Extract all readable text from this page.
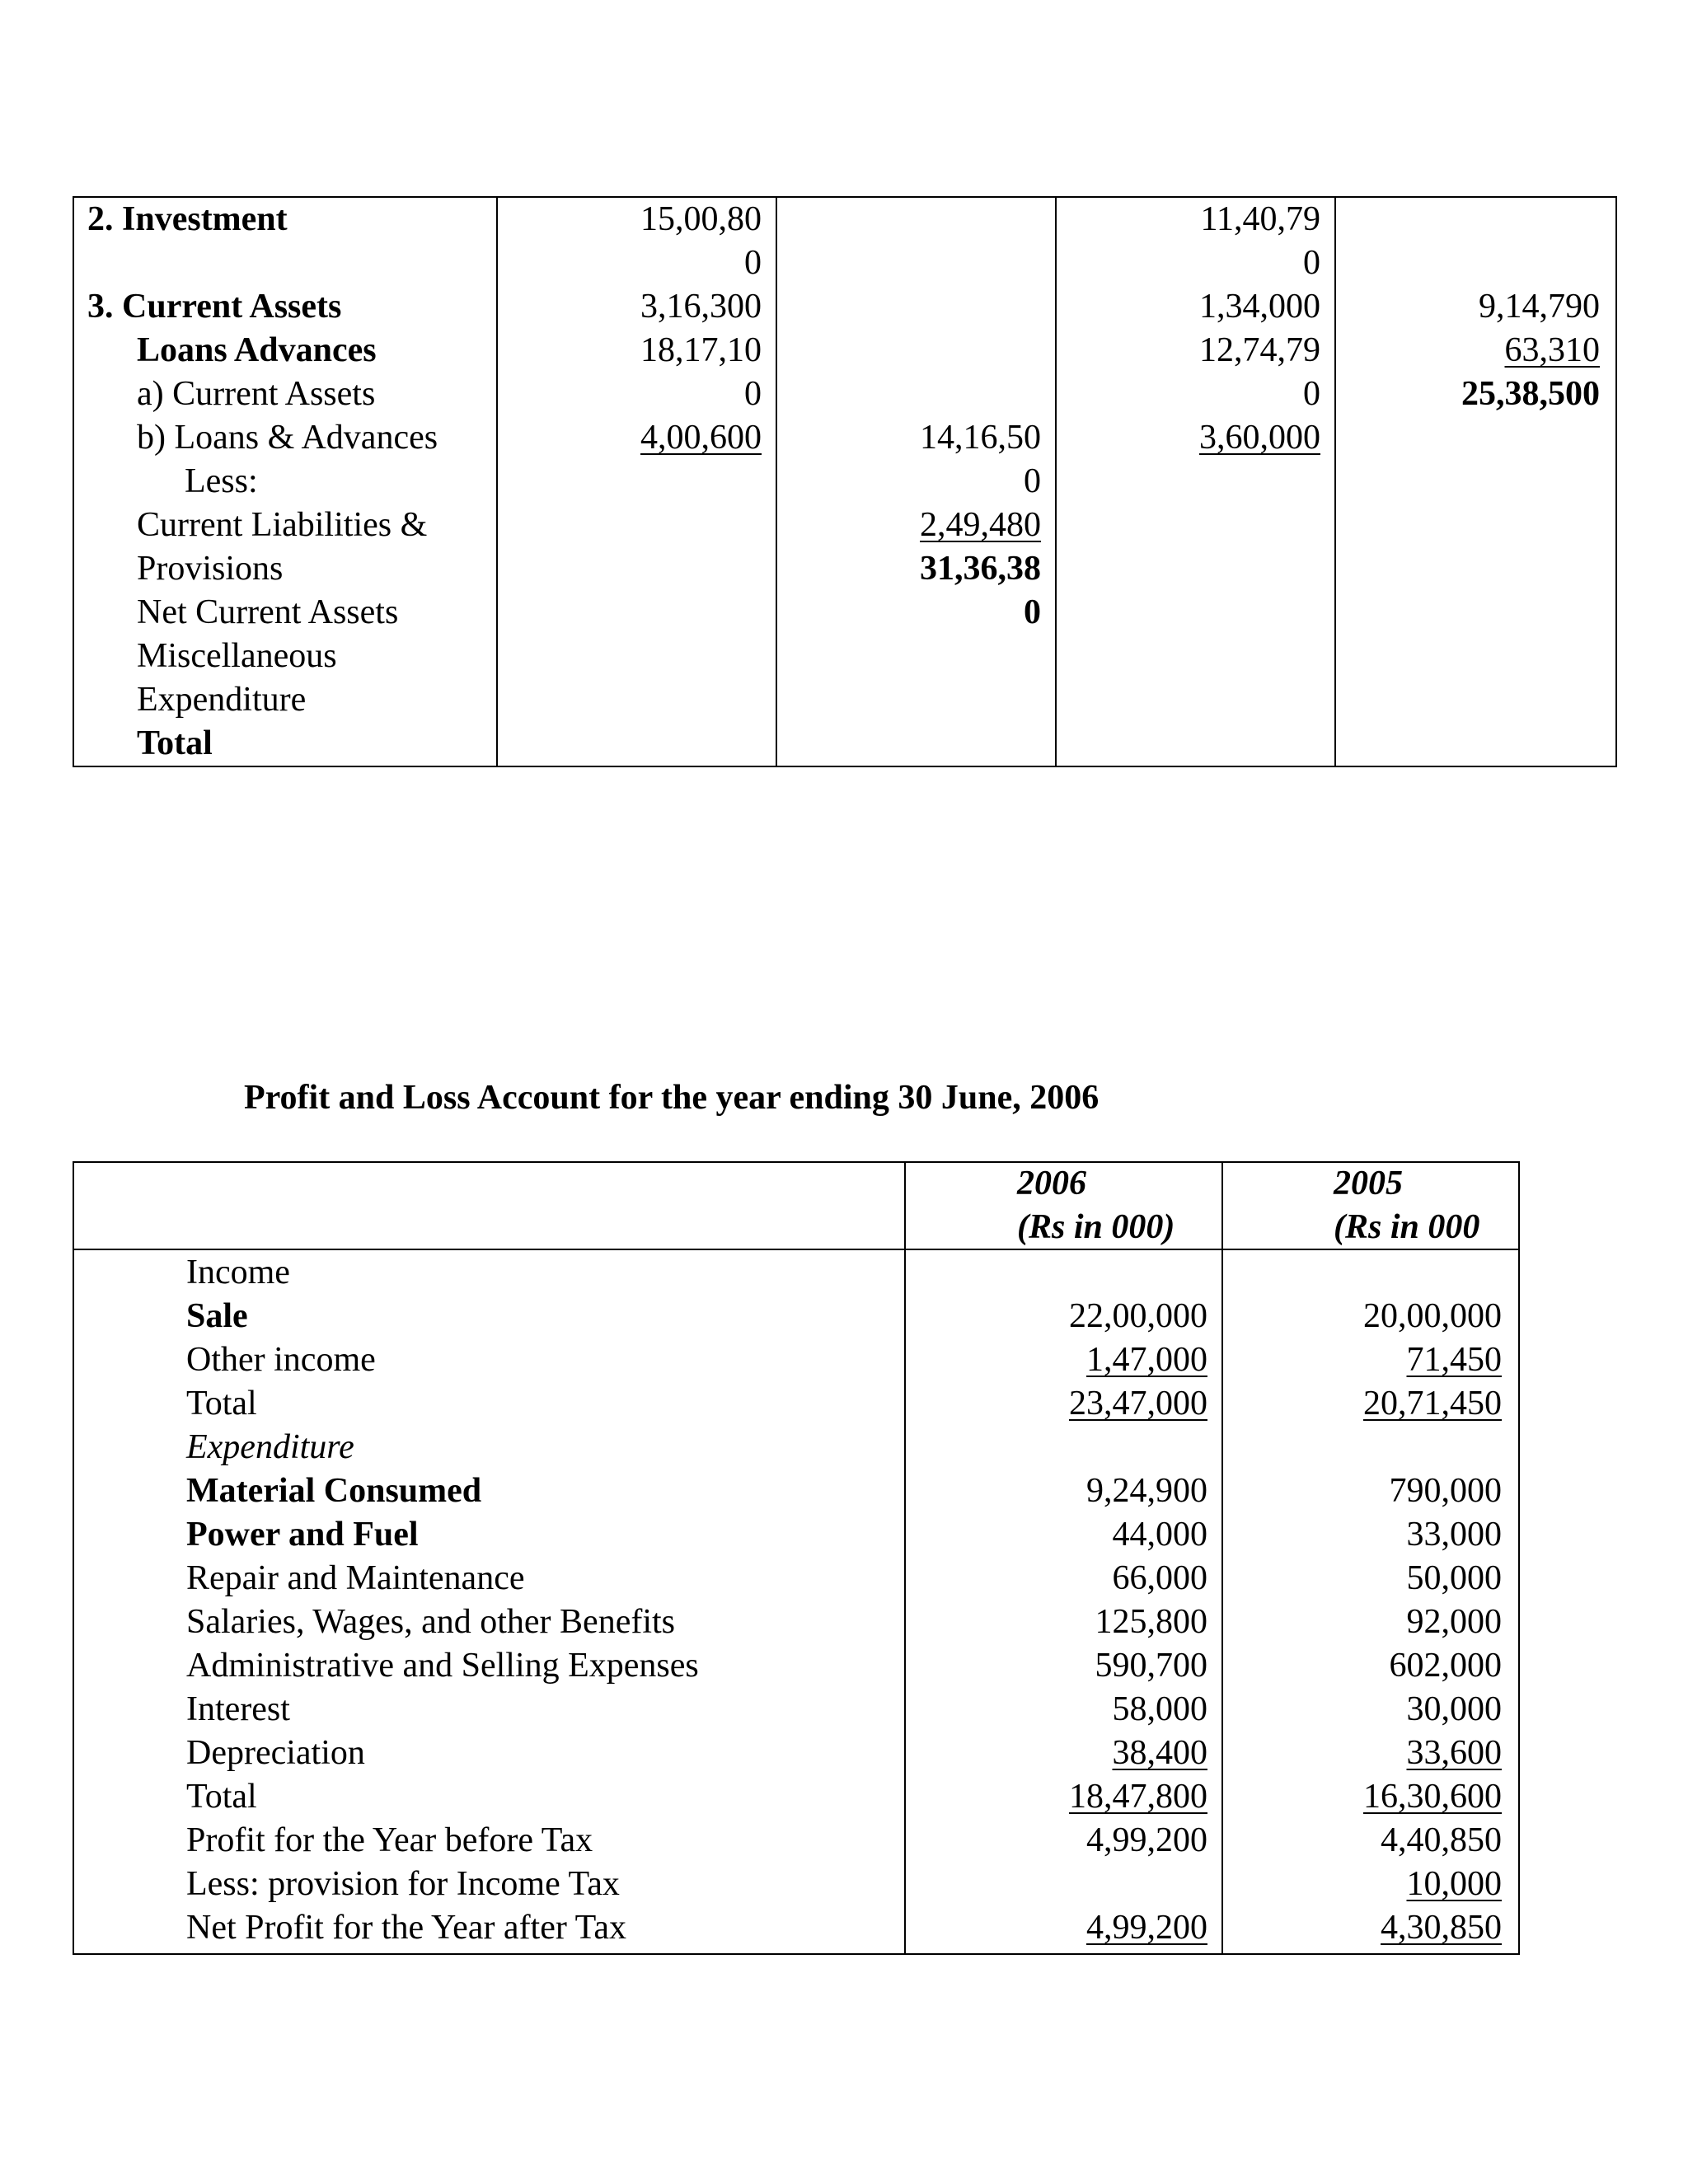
2. Investment
3. Current Assets
Loans Advances
a) Current Assets
b) Loans & Advances
Less:
Current Liabilities &
Provisions
Net Current Assets
Miscellaneous
Expenditure
Total
15,00,80
0
3,16,300
18,17,10
0
4,00,600	14,16,50
0
2,49,480
31,36,38
0
11,40,79
0
1,34,000
12,74,79
0
3,60,000
9,14,790
63,310
25,38,500
Profit and Loss Account for the year ending 30 June, 2006
2006
(Rs in 000)
2005
(Rs in 000
Income
Sale
Other income
Total
Expenditure
Material Consumed
Power and Fuel
Repair and Maintenance
Salaries, Wages, and other Benefits
Administrative and Selling Expenses
Interest
Depreciation
Total
Profit for the Year before Tax
Less: provision for Income Tax
Net Profit for the Year after Tax
22,00,000
1,47,000
23,47,000
9,24,900
44,000
66,000
125,800
590,700
58,000
38,400
18,47,800
4,99,200
4,99,200
20,00,000
71,450
20,71,450
790,000
33,000
50,000
92,000
602,000
30,000
33,600
16,30,600
4,40,850
10,000
4,30,850
